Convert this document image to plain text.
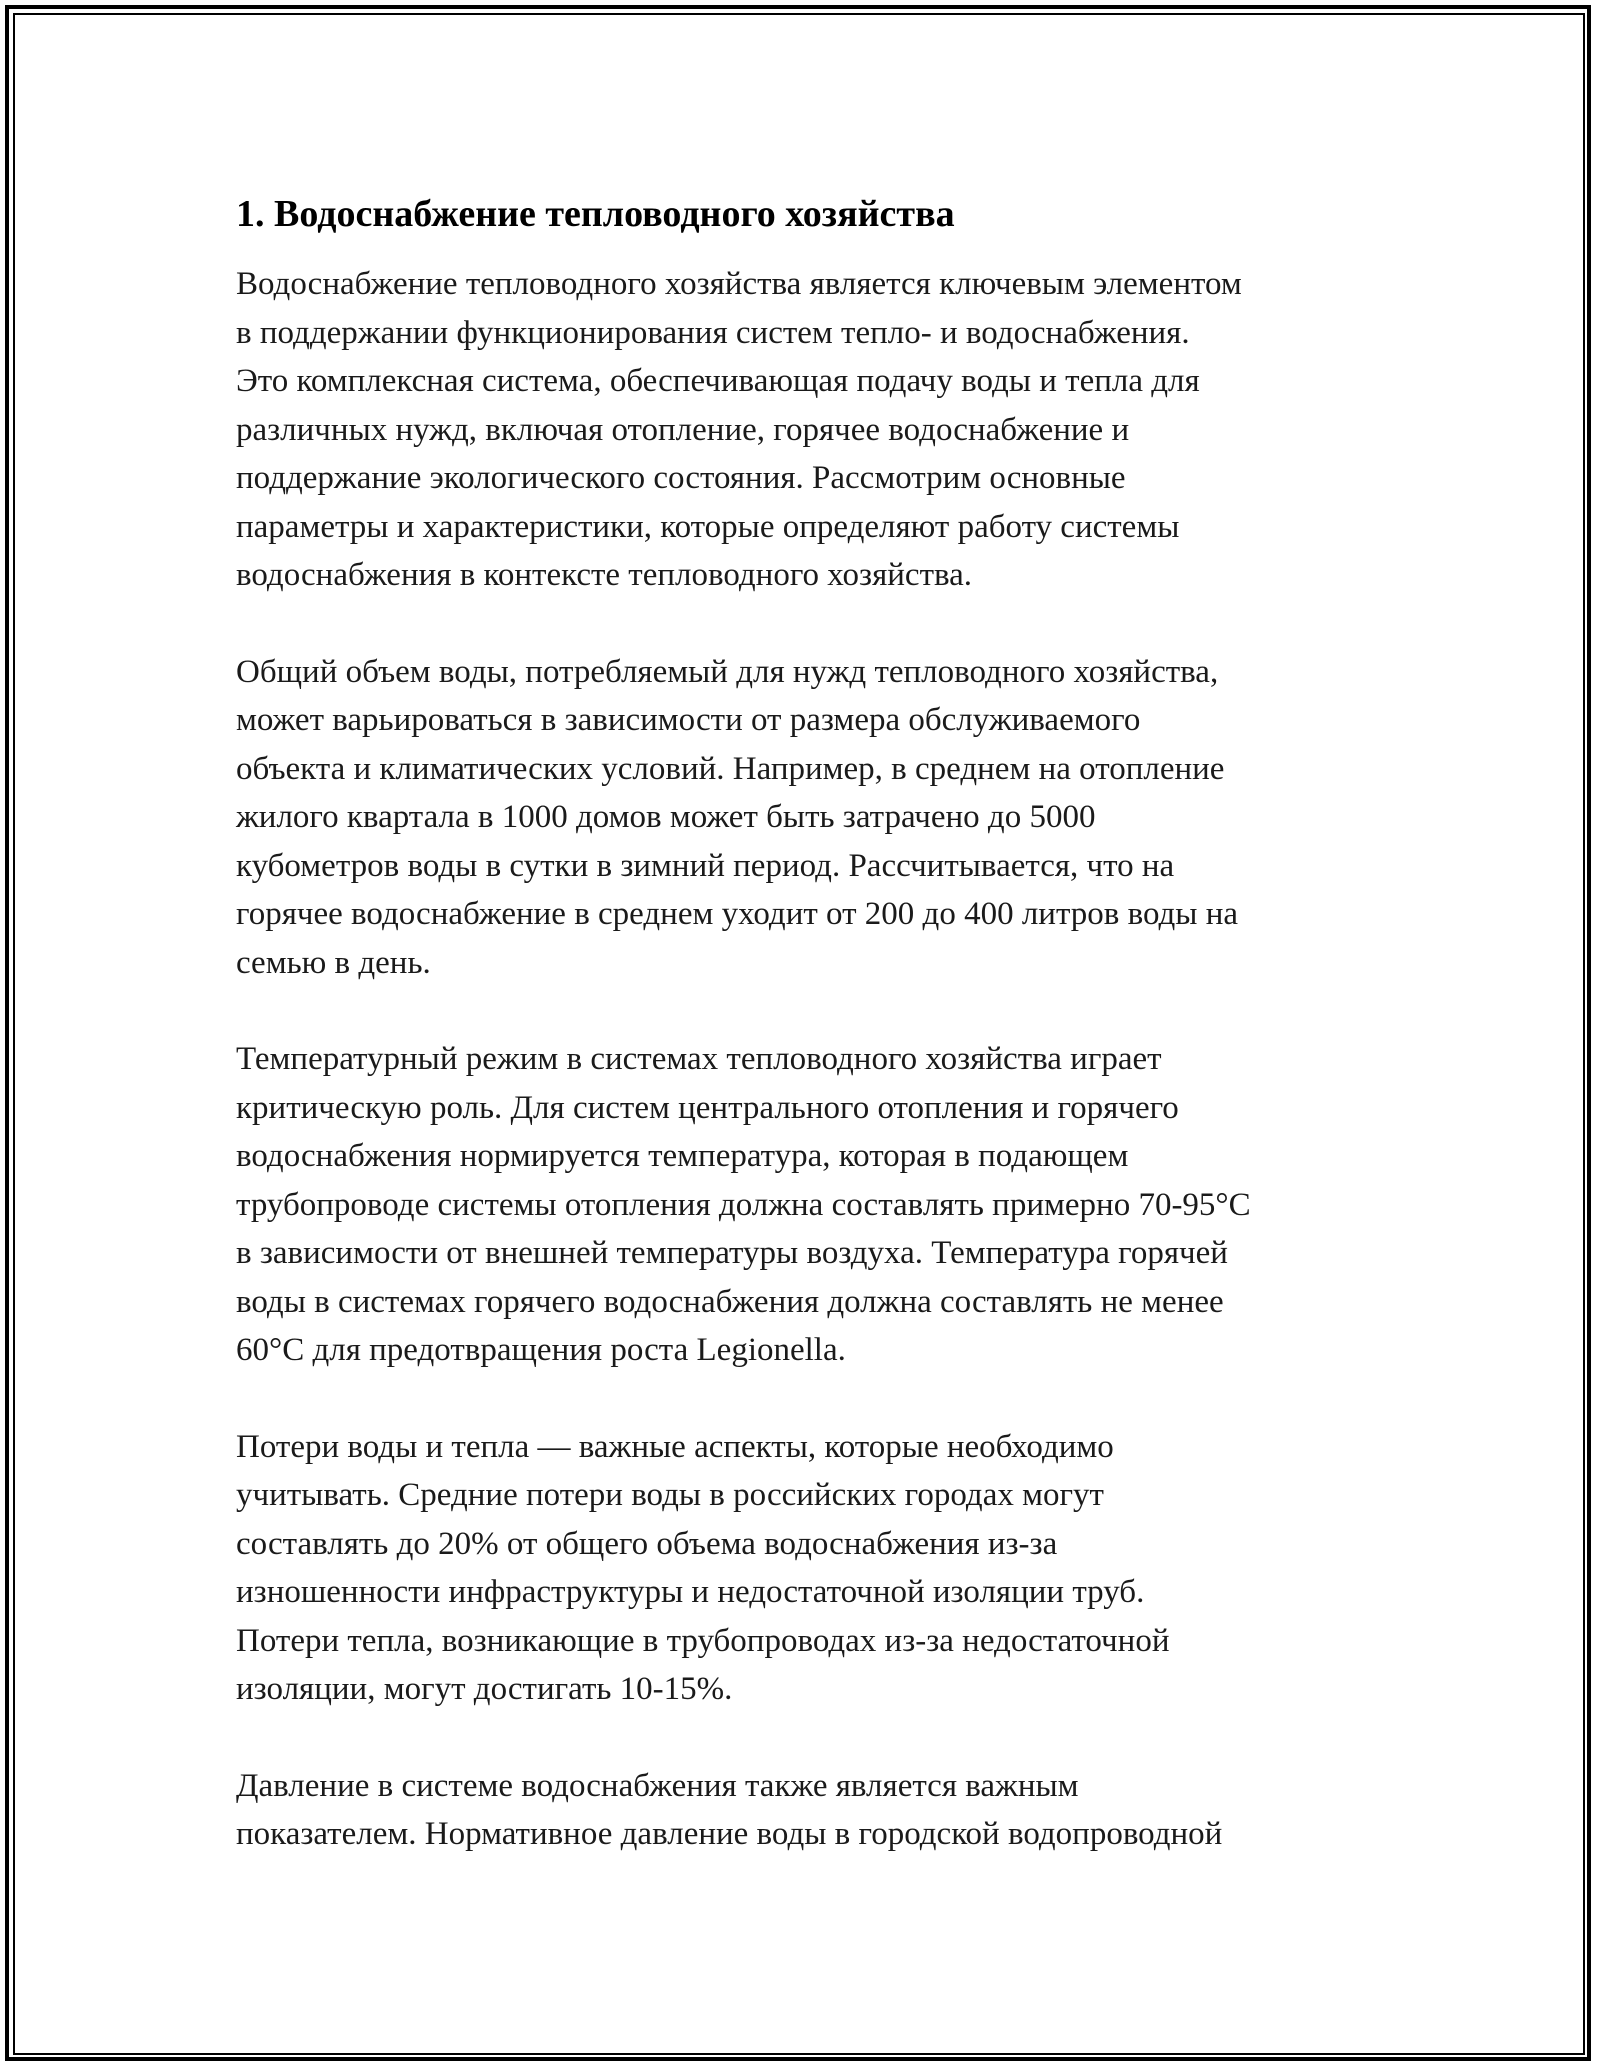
1. Водоснабжение тепловодного хозяйства

Водоснабжение тепловодного хозяйства является ключевым элементом
в поддержании функционирования систем тепло- и водоснабжения.
Это комплексная система, обеспечивающая подачу воды и тепла для
различных нужд, включая отопление, горячее водоснабжение и
поддержание экологического состояния. Рассмотрим основные
параметры и характеристики, которые определяют работу системы
водоснабжения в контексте тепловодного хозяйства.

Общий объем воды, потребляемый для нужд тепловодного хозяйства,
может варьироваться в зависимости от размера обслуживаемого
объекта и климатических условий. Например, в среднем на отопление
жилого квартала в 1000 домов может быть затрачено до 5000
кубометров воды в сутки в зимний период. Рассчитывается, что на
горячее водоснабжение в среднем уходит от 200 до 400 литров воды на
семью в день.

Температурный режим в системах тепловодного хозяйства играет
критическую роль. Для систем центрального отопления и горячего
водоснабжения нормируется температура, которая в подающем
трубопроводе системы отопления должна составлять примерно 70-95°C
в зависимости от внешней температуры воздуха. Температура горячей
воды в системах горячего водоснабжения должна составлять не менее
60°C для предотвращения роста Legionella.

Потери воды и тепла — важные аспекты, которые необходимо
учитывать. Средние потери воды в российских городах могут
составлять до 20% от общего объема водоснабжения из-за
изношенности инфраструктуры и недостаточной изоляции труб.
Потери тепла, возникающие в трубопроводах из-за недостаточной
изоляции, могут достигать 10-15%.

Давление в системе водоснабжения также является важным
показателем. Нормативное давление воды в городской водопроводной
